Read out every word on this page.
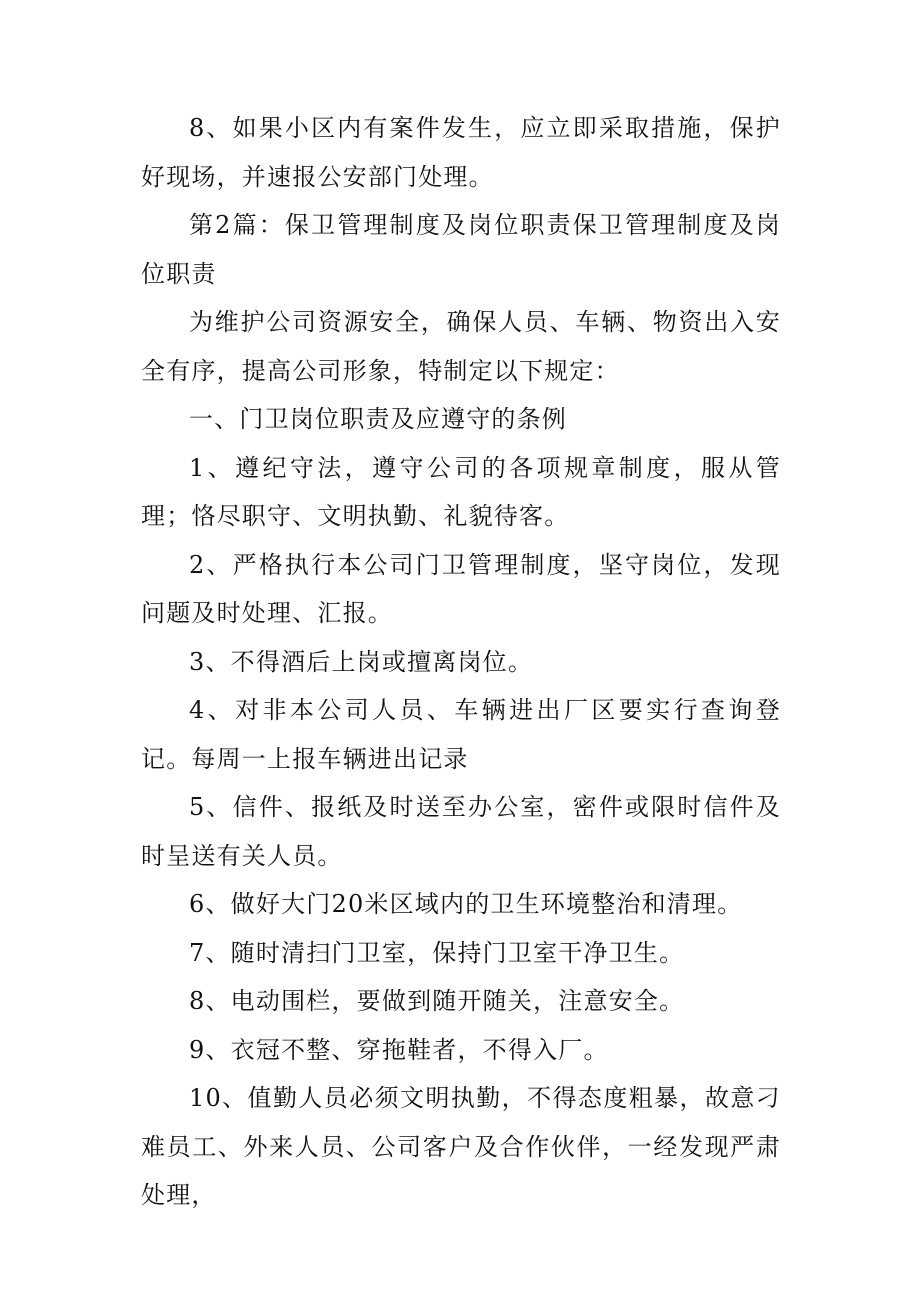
8、如果小区内有案件发生，应立即采取措施，保护好现场，并速报公安部门处理。

第2篇：保卫管理制度及岗位职责保卫管理制度及岗位职责

为维护公司资源安全，确保人员、车辆、物资出入安全有序，提高公司形象，特制定以下规定：

一、门卫岗位职责及应遵守的条例

1、遵纪守法，遵守公司的各项规章制度，服从管理；恪尽职守、文明执勤、礼貌待客。

2、严格执行本公司门卫管理制度，坚守岗位，发现问题及时处理、汇报。

3、不得酒后上岗或擅离岗位。

4、对非本公司人员、车辆进出厂区要实行查询登记。每周一上报车辆进出记录

5、信件、报纸及时送至办公室，密件或限时信件及时呈送有关人员。

6、做好大门20米区域内的卫生环境整治和清理。

7、随时清扫门卫室，保持门卫室干净卫生。

8、电动围栏，要做到随开随关，注意安全。

9、衣冠不整、穿拖鞋者，不得入厂。

10、值勤人员必须文明执勤，不得态度粗暴，故意刁难员工、外来人员、公司客户及合作伙伴，一经发现严肃处理，
